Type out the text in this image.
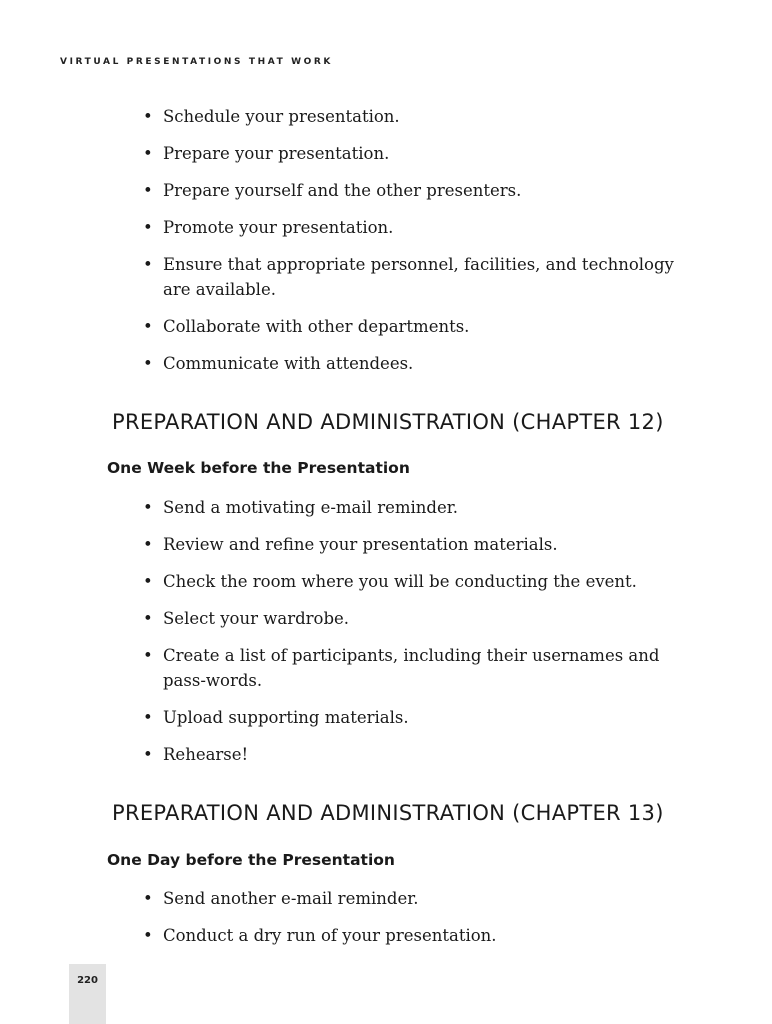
VIRTUAL PRESENTATIONS THAT WORK
• Schedule your presentation.
• Prepare your presentation.
• Prepare yourself and the other presenters.
• Promote your presentation.
• Ensure that appropriate personnel, facilities, and technology are available.
• Collaborate with other departments.
• Communicate with attendees.
PREPARATION AND ADMINISTRATION (CHAPTER 12)
One Week before the Presentation
• Send a motivating e-mail reminder.
• Review and refine your presentation materials.
• Check the room where you will be conducting the event.
• Select your wardrobe.
• Create a list of participants, including their usernames and pass-words.
• Upload supporting materials.
• Rehearse!
PREPARATION AND ADMINISTRATION (CHAPTER 13)
One Day before the Presentation
• Send another e-mail reminder.
• Conduct a dry run of your presentation.
220
